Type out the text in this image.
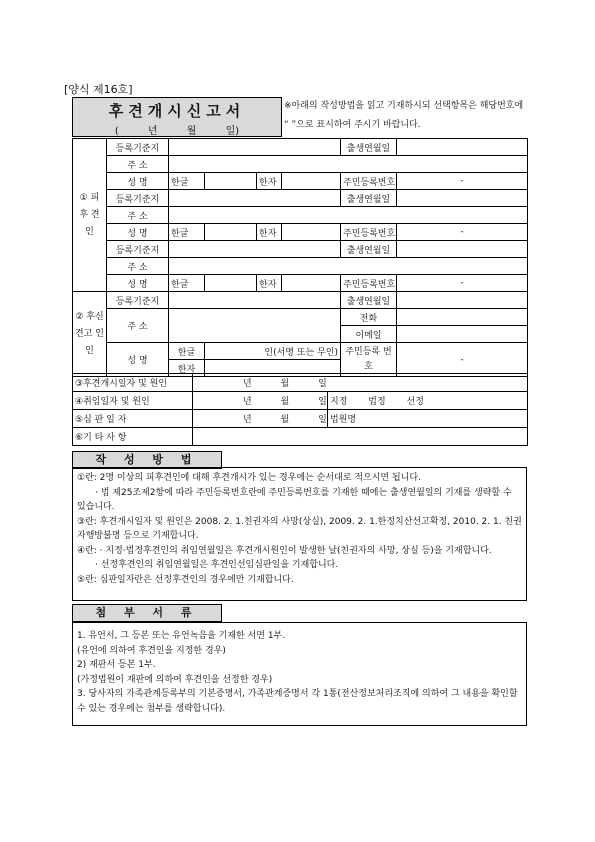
[양식 제16호]
후견개시신고서
( 년 월 일)
※아래의 작성방법을 읽고 기재하시되 선택항목은 해당번호에 “ ”으로 표시하여 주시기 바랍니다.
① 피 후 견 인	등록기준지					출생연월일	
	주 소						
	성 명	한글		한자		주민등록번호	-
	등록기준지					출생연월일	
	주 소						
	성 명	한글		한자		주민등록번호	-
	등록기준지					출생연월일	
	주 소						
	성 명	한글		한자		주민등록번호	-
② 후신 견고 인인	등록기준지					출생연월일	
	주 소					전화	
						이메일	
	성 명	한글	인(서명 또는 무인)			주민등록 번 호	-
		한자					
③후견개시일자 및 원인	년 월 일	
④취임일자 및 원인	년 월 일	지정 법정 선정
⑤심 판 일 자	년 월 일	법원명
⑥기 타 사 항		
작 성 방 법

①란: 2명 이상의 피후견인에 대해 후견개시가 있는 경우에는 순서대로 적으시면 됩니다.

　　· 법 제25조제2항에 따라 주민등록번호란에 주민등록번호를 기재한 때에는 출생연월일의 기재를 생략할 수 있습니다.

③란: 후견개시일자 및 원인은 2008. 2. 1.친권자의 사망(상실), 2009. 2. 1.한정치산선고확정, 2010. 2. 1. 친권자행방불명 등으로 기재합니다.

④란: · 지정·법정후견인의 취임연월일은 후견개시원인이 발생한 날(친권자의 사망, 상실 등)을 기재합니다.

　　· 선정후견인의 취임연월일은 후견인선임심판일을 기재합니다.

⑤란: 심판일자란은 선정후견인의 경우에만 기재합니다.

첨 부 서 류

1. 유언서, 그 등본 또는 유언녹음을 기재한 서면 1부.

(유언에 의하여 후견인을 지정한 경우)

2) 재판서 등본 1부.

(가정법원이 재판에 의하여 후견인을 선정한 경우)

3. 당사자의 가족관계등록부의 기본증명서, 가족관계증명서 각 1통(전산정보처리조직에 의하여 그 내용을 확인할 수 있는 경우에는 첨부를 생략합니다).
